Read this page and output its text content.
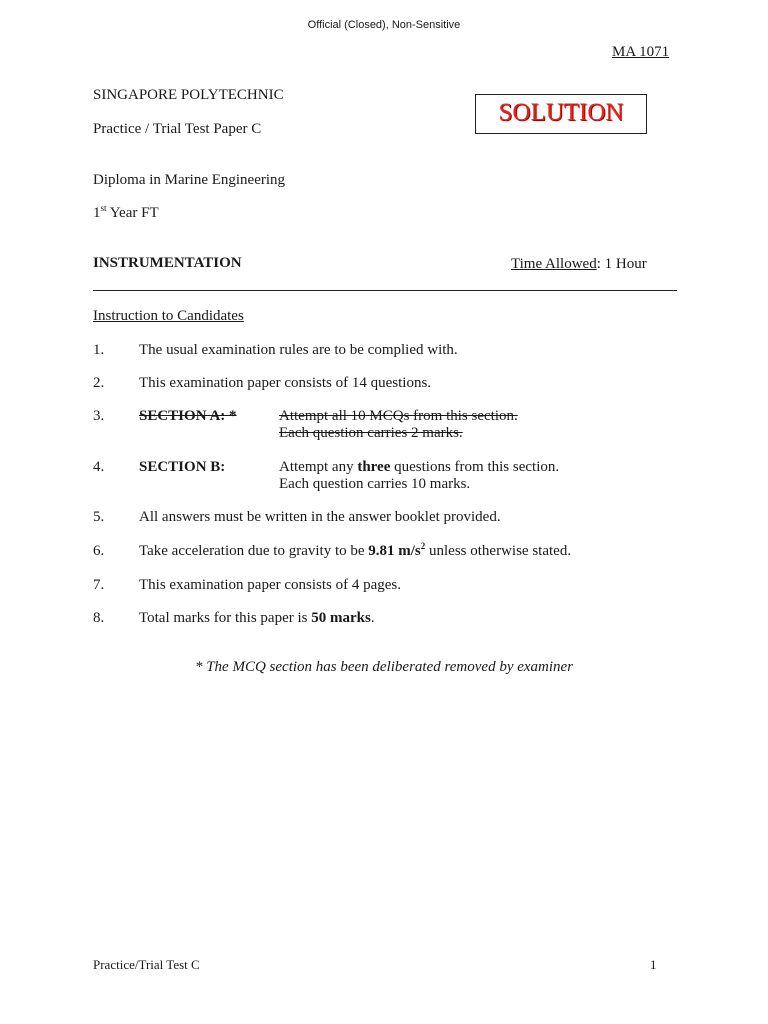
Official (Closed), Non-Sensitive
MA 1071
SINGAPORE POLYTECHNIC
Practice / Trial Test Paper C
SOLUTION
Diploma in Marine Engineering
1st Year FT
INSTRUMENTATION	Time Allowed: 1 Hour
Instruction to Candidates
1. The usual examination rules are to be complied with.
2. This examination paper consists of 14 questions.
3. SECTION A: *	Attempt all 10 MCQs from this section.
Each question carries 2 marks.
4. SECTION B:	Attempt any three questions from this section.
Each question carries 10 marks.
5. All answers must be written in the answer booklet provided.
6. Take acceleration due to gravity to be 9.81 $m/s^2$ unless otherwise stated.
7. This examination paper consists of 4 pages.
8. Total marks for this paper is 50 marks.
* The MCQ section has been deliberated removed by examiner
Practice/Trial Test C	1
